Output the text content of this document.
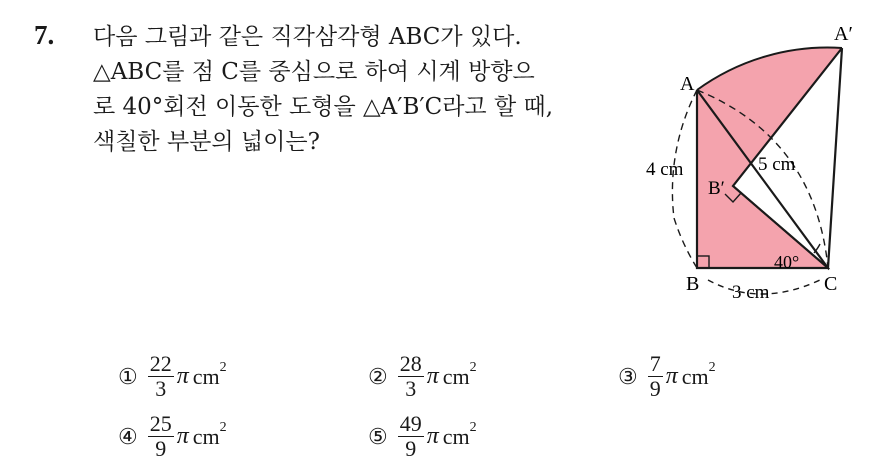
7. 다음 그림과 같은 직각삼각형 ABC가 있다.
△ABC를 점 C를 중심으로 하여 시계 방향으
로 40°회전 이동한 도형을 △A′B′C라고 할 때,
색칠한 부분의 넓이는?
A′
A
B′
B	C
4 cm	5 cm
3 cm
40°
① $\frac{22}{3}$ π $cm^2$	② $\frac{28}{3}$ π $cm^2$	③ $\frac{7}{9}$ π $cm^2$
④ $\frac{25}{9}$ π $cm^2$	⑤ $\frac{49}{9}$ π $cm^2$
